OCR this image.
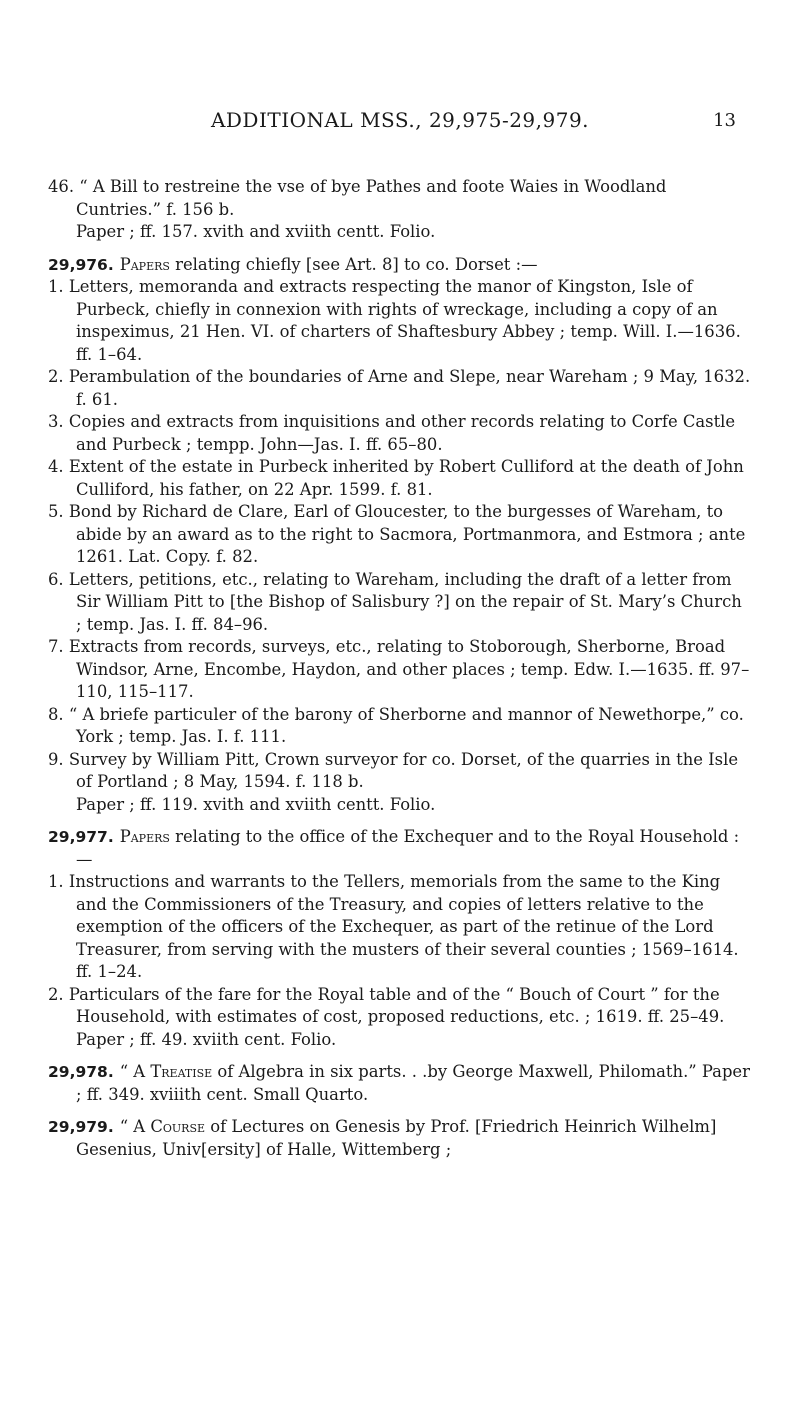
ADDITIONAL MSS., 29,975-29,979.	13
46. “ A Bill to restreine the vse of bye Pathes and foote Waies in Woodland Cuntries.” f. 156 b.
Paper ; ff. 157. xvith and xviith centt. Folio.
29,976. Papers relating chiefly [see Art. 8] to co. Dorset :—
1. Letters, memoranda and extracts respecting the manor of Kingston, Isle of Purbeck, chiefly in connexion with rights of wreckage, including a copy of an inspeximus, 21 Hen. VI. of charters of Shaftesbury Abbey ; temp. Will. I.—1636. ff. 1–64.
2. Perambulation of the boundaries of Arne and Slepe, near Wareham ; 9 May, 1632. f. 61.
3. Copies and extracts from inquisitions and other records relating to Corfe Castle and Purbeck ; tempp. John—Jas. I. ff. 65–80.
4. Extent of the estate in Purbeck inherited by Robert Culliford at the death of John Culliford, his father, on 22 Apr. 1599. f. 81.
5. Bond by Richard de Clare, Earl of Gloucester, to the burgesses of Wareham, to abide by an award as to the right to Sacmora, Portmanmora, and Estmora ; ante 1261. Lat. Copy. f. 82.
6. Letters, petitions, etc., relating to Wareham, including the draft of a letter from Sir William Pitt to [the Bishop of Salisbury ?] on the repair of St. Mary’s Church ; temp. Jas. I. ff. 84–96.
7. Extracts from records, surveys, etc., relating to Stoborough, Sherborne, Broad Windsor, Arne, Encombe, Haydon, and other places ; temp. Edw. I.—1635. ff. 97–110, 115–117.
8. “ A briefe particuler of the barony of Sherborne and mannor of Newethorpe,” co. York ; temp. Jas. I. f. 111.
9. Survey by William Pitt, Crown surveyor for co. Dorset, of the quarries in the Isle of Portland ; 8 May, 1594. f. 118 b.
Paper ; ff. 119. xvith and xviith centt. Folio.
29,977. Papers relating to the office of the Exchequer and to the Royal Household :—
1. Instructions and warrants to the Tellers, memorials from the same to the King and the Commissioners of the Treasury, and copies of letters relative to the exemption of the officers of the Exchequer, as part of the retinue of the Lord Treasurer, from serving with the musters of their several counties ; 1569–1614. ff. 1–24.
2. Particulars of the fare for the Royal table and of the “ Bouch of Court ” for the Household, with estimates of cost, proposed reductions, etc. ; 1619. ff. 25–49.
Paper ; ff. 49. xviith cent. Folio.
29,978. “ A Treatise of Algebra in six parts. . .by George Maxwell, Philomath.” Paper ; ff. 349. xviiith cent. Small Quarto.
29,979. “ A Course of Lectures on Genesis by Prof. [Friedrich Heinrich Wilhelm] Gesenius, Univ[ersity] of Halle, Wittemberg ;
